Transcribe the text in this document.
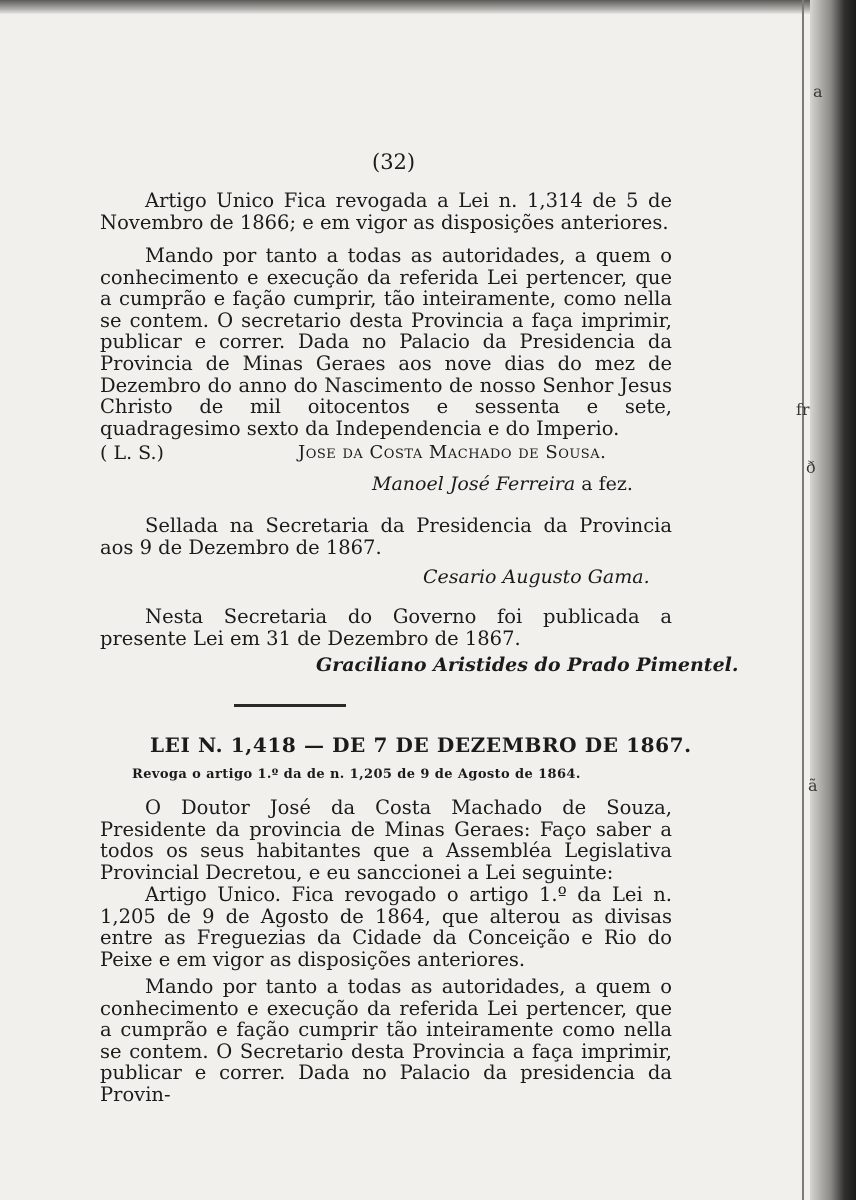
a
fr
ð
ã
(32)

Artigo Unico Fica revogada a Lei n. 1,314 de 5 de Novembro de 1866; e em vigor as disposições anteriores.

Mando por tanto a todas as autoridades, a quem o conhecimento e execução da referida Lei pertencer, que a cumprão e fação cumprir, tão inteiramente, como nella se contem. O secretario desta Provincia a faça imprimir, publicar e correr. Dada no Palacio da Presidencia da Provincia de Minas Geraes aos nove dias do mez de Dezembro do anno do Nascimento de nosso Senhor Jesus Christo de mil oitocentos e sessenta e sete, quadragesimo sexto da Independencia e do Imperio.

( L. S.)	Jose da Costa Machado de Sousa.
Manoel José Ferreira a fez.

Sellada na Secretaria da Presidencia da Provincia aos 9 de Dezembro de 1867.

Cesario Augusto Gama.

Nesta Secretaria do Governo foi publicada a presente Lei em 31 de Dezembro de 1867.

Graciliano Aristides do Prado Pimentel.
LEI N. 1,418 — DE 7 DE DEZEMBRO DE 1867.
Revoga o artigo 1.º da de n. 1,205 de 9 de Agosto de 1864.

O Doutor José da Costa Machado de Souza, Presidente da provincia de Minas Geraes: Faço saber a todos os seus habitantes que a Assembléa Legislativa Provincial Decretou, e eu sanccionei a Lei seguinte:

Artigo Unico. Fica revogado o artigo 1.º da Lei n. 1,205 de 9 de Agosto de 1864, que alterou as divisas entre as Freguezias da Cidade da Conceição e Rio do Peixe e em vigor as disposições anteriores.

Mando por tanto a todas as autoridades, a quem o conhecimento e execução da referida Lei pertencer, que a cumprão e fação cumprir tão inteiramente como nella se contem. O Secretario desta Provincia a faça imprimir, publicar e correr. Dada no Palacio da presidencia da Provin-
